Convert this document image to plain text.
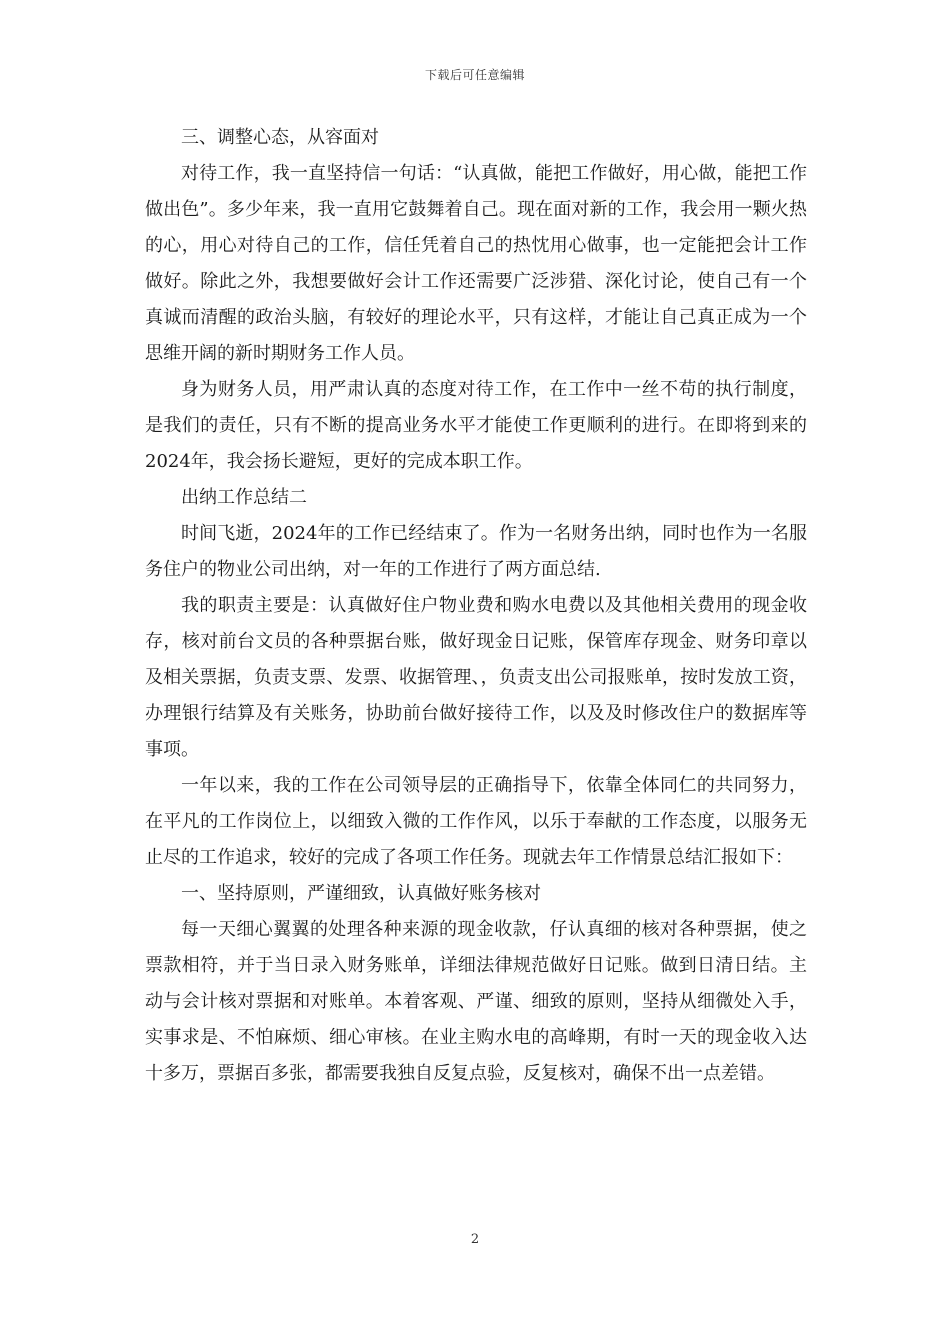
下载后可任意编辑

三、调整心态，从容面对

对待工作，我一直坚持信一句话：“认真做，能把工作做好，用心做，能把工作做出色”。多少年来，我一直用它鼓舞着自己。现在面对新的工作，我会用一颗火热的心，用心对待自己的工作，信任凭着自己的热忱用心做事，也一定能把会计工作做好。除此之外，我想要做好会计工作还需要广泛涉猎、深化讨论，使自己有一个真诚而清醒的政治头脑，有较好的理论水平，只有这样，才能让自己真正成为一个思维开阔的新时期财务工作人员。

身为财务人员，用严肃认真的态度对待工作，在工作中一丝不苟的执行制度，是我们的责任，只有不断的提高业务水平才能使工作更顺利的进行。在即将到来的2024年，我会扬长避短，更好的完成本职工作。

出纳工作总结二

时间飞逝，2024年的工作已经结束了。作为一名财务出纳，同时也作为一名服务住户的物业公司出纳，对一年的工作进行了两方面总结.

我的职责主要是：认真做好住户物业费和购水电费以及其他相关费用的现金收存，核对前台文员的各种票据台账，做好现金日记账，保管库存现金、财务印章以及相关票据，负责支票、发票、收据管理、，负责支出公司报账单，按时发放工资，办理银行结算及有关账务，协助前台做好接待工作，以及及时修改住户的数据库等事项。

一年以来，我的工作在公司领导层的正确指导下，依靠全体同仁的共同努力，在平凡的工作岗位上，以细致入微的工作作风，以乐于奉献的工作态度，以服务无止尽的工作追求，较好的完成了各项工作任务。现就去年工作情景总结汇报如下：

一、坚持原则，严谨细致，认真做好账务核对

每一天细心翼翼的处理各种来源的现金收款，仔认真细的核对各种票据，使之票款相符，并于当日录入财务账单，详细法律规范做好日记账。做到日清日结。主动与会计核对票据和对账单。本着客观、严谨、细致的原则，坚持从细微处入手，实事求是、不怕麻烦、细心审核。在业主购水电的高峰期，有时一天的现金收入达十多万，票据百多张，都需要我独自反复点验，反复核对，确保不出一点差错。

2
